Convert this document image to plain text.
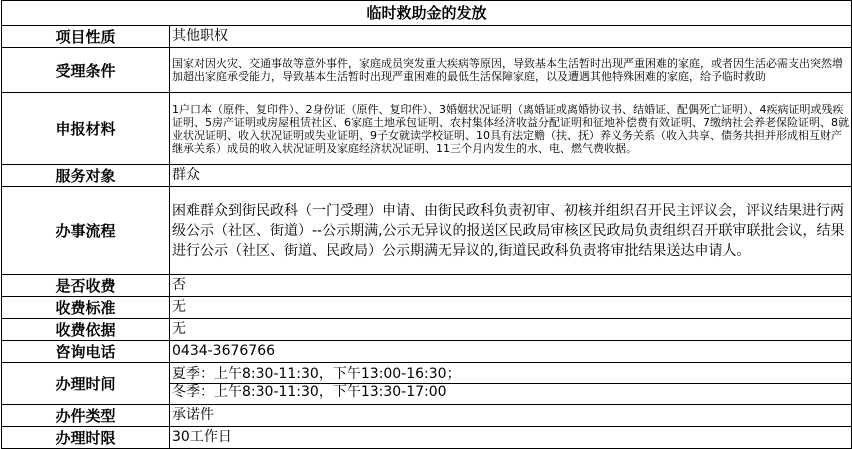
临时救助金的发放	
项目性质	其他职权
受理条件	国家对因火灾、交通事故等意外事件，家庭成员突发重大疾病等原因，导致基本生活暂时出现严重困难的家庭，或者因生活必需支出突然增加超出家庭承受能力，导致基本生活暂时出现严重困难的最低生活保障家庭，以及遭遇其他特殊困难的家庭，给予临时救助
申报材料	1户口本（原件、复印件）、2身份证（原件、复印件）、3婚姻状况证明（离婚证或离婚协议书、结婚证、配偶死亡证明）、4疾病证明或残疾证明、5房产证明或房屋租赁社区、6家庭土地承包证明、农村集体经济收益分配证明和征地补偿费有效证明、7缴纳社会养老保险证明、8就业状况证明、收入状况证明或失业证明、9子女就读学校证明、10具有法定赡（扶、抚）养义务关系（收入共享、债务共担并形成相互财产继承关系）成员的收入状况证明及家庭经济状况证明、11三个月内发生的水、电、燃气费收据。
服务对象	群众
办事流程	困难群众到街民政科（一门受理）申请、由街民政科负责初审、初核并组织召开民主评议会，评议结果进行两级公示（社区、街道）--公示期满,公示无异议的报送区民政局审核区民政局负责组织召开联审联批会议，结果进行公示（社区、街道、民政局）公示期满无异议的,街道民政科负责将审批结果送达申请人。
是否收费	否
收费标准	无
收费依据	无
咨询电话	0434-3676766
办理时间	夏季：上午8:30-11:30，下午13:00-16:30；
冬季：上午8:30-11:30，下午13:30-17:00

办件类型	承诺件
办理时限	30工作日
